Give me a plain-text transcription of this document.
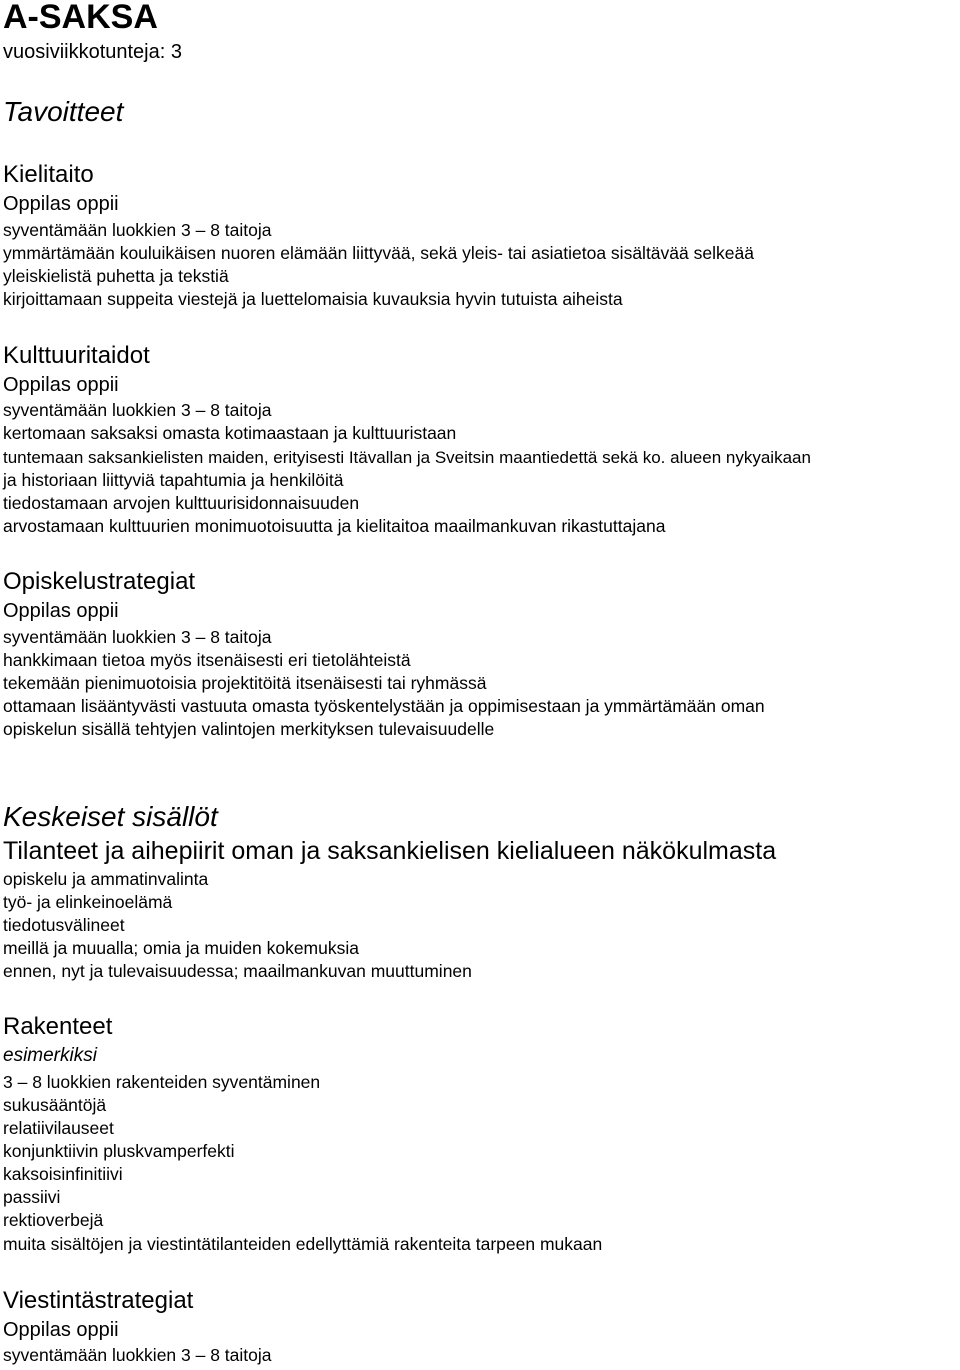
A-SAKSA
vuosiviikkotunteja: 3
Tavoitteet
Kielitaito
Oppilas oppii
syventämään luokkien 3 – 8 taitoja
ymmärtämään kouluikäisen nuoren elämään liittyvää, sekä yleis- tai asiatietoa sisältävää selkeää
yleiskielistä puhetta ja tekstiä
kirjoittamaan suppeita viestejä ja luettelomaisia kuvauksia hyvin tutuista aiheista
Kulttuuritaidot
Oppilas oppii
syventämään luokkien 3 – 8 taitoja
kertomaan saksaksi omasta kotimaastaan ja kulttuuristaan
tuntemaan saksankielisten maiden, erityisesti Itävallan ja Sveitsin maantiedettä sekä ko. alueen nykyaikaan
ja historiaan liittyviä tapahtumia ja henkilöitä
tiedostamaan arvojen kulttuurisidonnaisuuden
arvostamaan kulttuurien monimuotoisuutta ja kielitaitoa maailmankuvan rikastuttajana
Opiskelustrategiat
Oppilas oppii
syventämään luokkien 3 – 8 taitoja
hankkimaan tietoa myös itsenäisesti eri tietolähteistä
tekemään pienimuotoisia projektitöitä itsenäisesti tai ryhmässä
ottamaan lisääntyvästi vastuuta omasta työskentelystään ja oppimisestaan ja ymmärtämään oman
opiskelun sisällä tehtyjen valintojen merkityksen tulevaisuudelle
Keskeiset sisällöt
Tilanteet ja aihepiirit oman ja saksankielisen kielialueen näkökulmasta
opiskelu ja ammatinvalinta
työ- ja elinkeinoelämä
tiedotusvälineet
meillä ja muualla; omia ja muiden kokemuksia
ennen, nyt ja tulevaisuudessa; maailmankuvan muuttuminen
Rakenteet
esimerkiksi
3 – 8 luokkien rakenteiden syventäminen
sukusääntöjä
relatiivilauseet
konjunktiivin pluskvamperfekti
kaksoisinfinitiivi
passiivi
rektioverbejä
muita sisältöjen ja viestintätilanteiden edellyttämiä rakenteita tarpeen mukaan
Viestintästrategiat
Oppilas oppii
syventämään luokkien 3 – 8 taitoja
